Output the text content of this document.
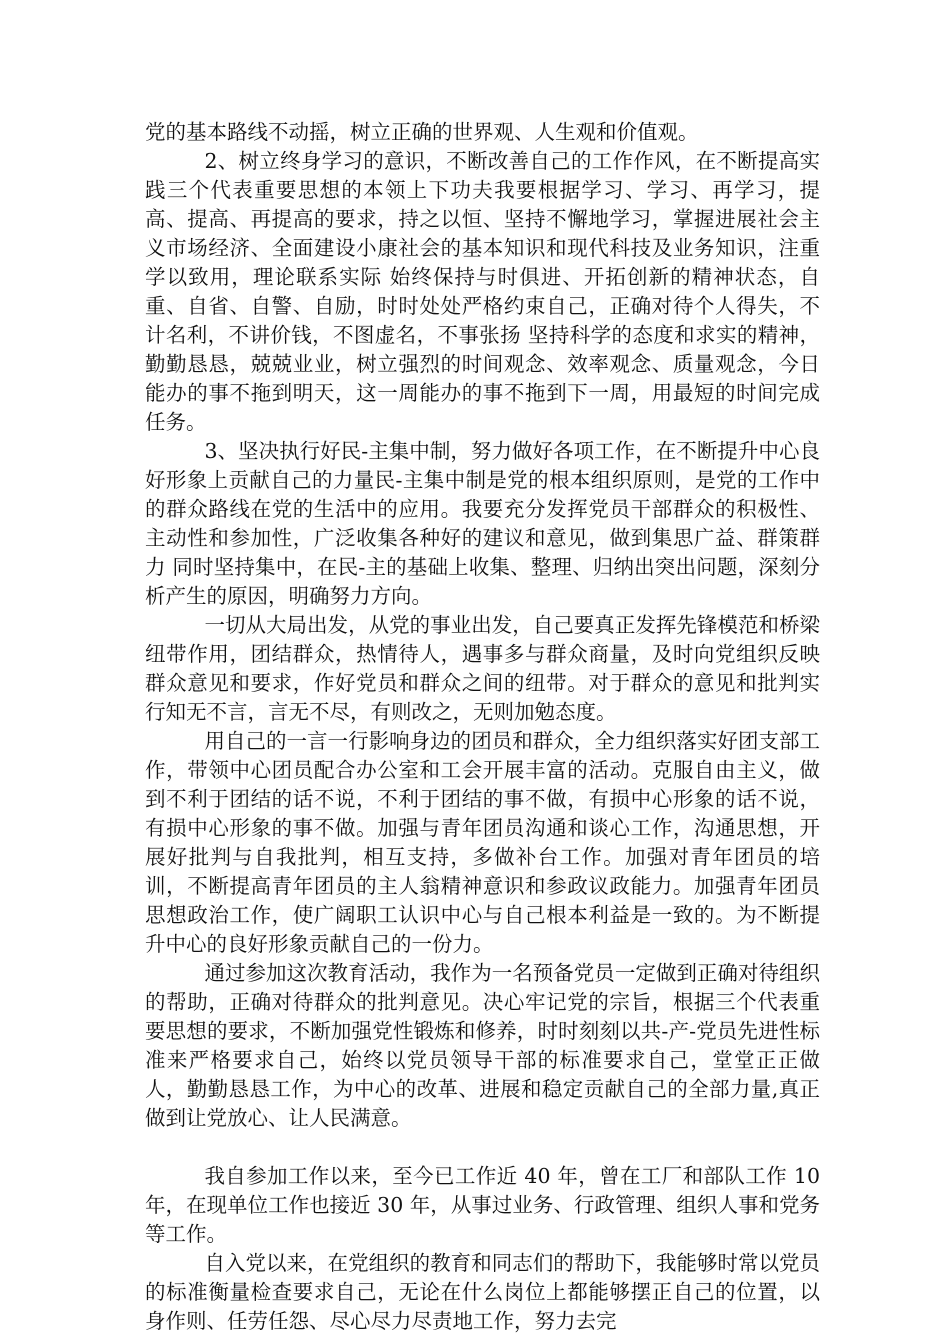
党的基本路线不动摇，树立正确的世界观、人生观和价值观。

2、树立终身学习的意识，不断改善自己的工作作风，在不断提高实践三个代表重要思想的本领上下功夫我要根据学习、学习、再学习，提高、提高、再提高的要求，持之以恒、坚持不懈地学习，掌握进展社会主义市场经济、全面建设小康社会的基本知识和现代科技及业务知识，注重学以致用，理论联系实际 始终保持与时俱进、开拓创新的精神状态，自重、自省、自警、自励，时时处处严格约束自己，正确对待个人得失，不计名利，不讲价钱，不图虚名，不事张扬 坚持科学的态度和求实的精神，勤勤恳恳，兢兢业业，树立强烈的时间观念、效率观念、质量观念，今日能办的事不拖到明天，这一周能办的事不拖到下一周，用最短的时间完成任务。

3、坚决执行好民-主集中制，努力做好各项工作，在不断提升中心良好形象上贡献自己的力量民-主集中制是党的根本组织原则，是党的工作中的群众路线在党的生活中的应用。我要充分发挥党员干部群众的积极性、主动性和参加性，广泛收集各种好的建议和意见，做到集思广益、群策群力 同时坚持集中，在民-主的基础上收集、整理、归纳出突出问题，深刻分析产生的原因，明确努力方向。

一切从大局出发，从党的事业出发，自己要真正发挥先锋模范和桥梁纽带作用，团结群众，热情待人，遇事多与群众商量，及时向党组织反映群众意见和要求，作好党员和群众之间的纽带。对于群众的意见和批判实行知无不言，言无不尽，有则改之，无则加勉态度。

用自己的一言一行影响身边的团员和群众，全力组织落实好团支部工作，带领中心团员配合办公室和工会开展丰富的活动。克服自由主义，做到不利于团结的话不说，不利于团结的事不做，有损中心形象的话不说，有损中心形象的事不做。加强与青年团员沟通和谈心工作，沟通思想，开展好批判与自我批判，相互支持，多做补台工作。加强对青年团员的培训，不断提高青年团员的主人翁精神意识和参政议政能力。加强青年团员思想政治工作，使广阔职工认识中心与自己根本利益是一致的。为不断提升中心的良好形象贡献自己的一份力。

通过参加这次教育活动，我作为一名预备党员一定做到正确对待组织的帮助，正确对待群众的批判意见。决心牢记党的宗旨，根据三个代表重要思想的要求，不断加强党性锻炼和修养，时时刻刻以共-产-党员先进性标准来严格要求自己，始终以党员领导干部的标准要求自己，堂堂正正做人，勤勤恳恳工作，为中心的改革、进展和稳定贡献自己的全部力量,真正做到让党放心、让人民满意。

我自参加工作以来，至今已工作近 40 年，曾在工厂和部队工作 10 年，在现单位工作也接近 30 年，从事过业务、行政管理、组织人事和党务等工作。

自入党以来，在党组织的教育和同志们的帮助下，我能够时常以党员的标准衡量检查要求自己，无论在什么岗位上都能够摆正自己的位置，以身作则、任劳任怨、尽心尽力尽责地工作，努力去完
